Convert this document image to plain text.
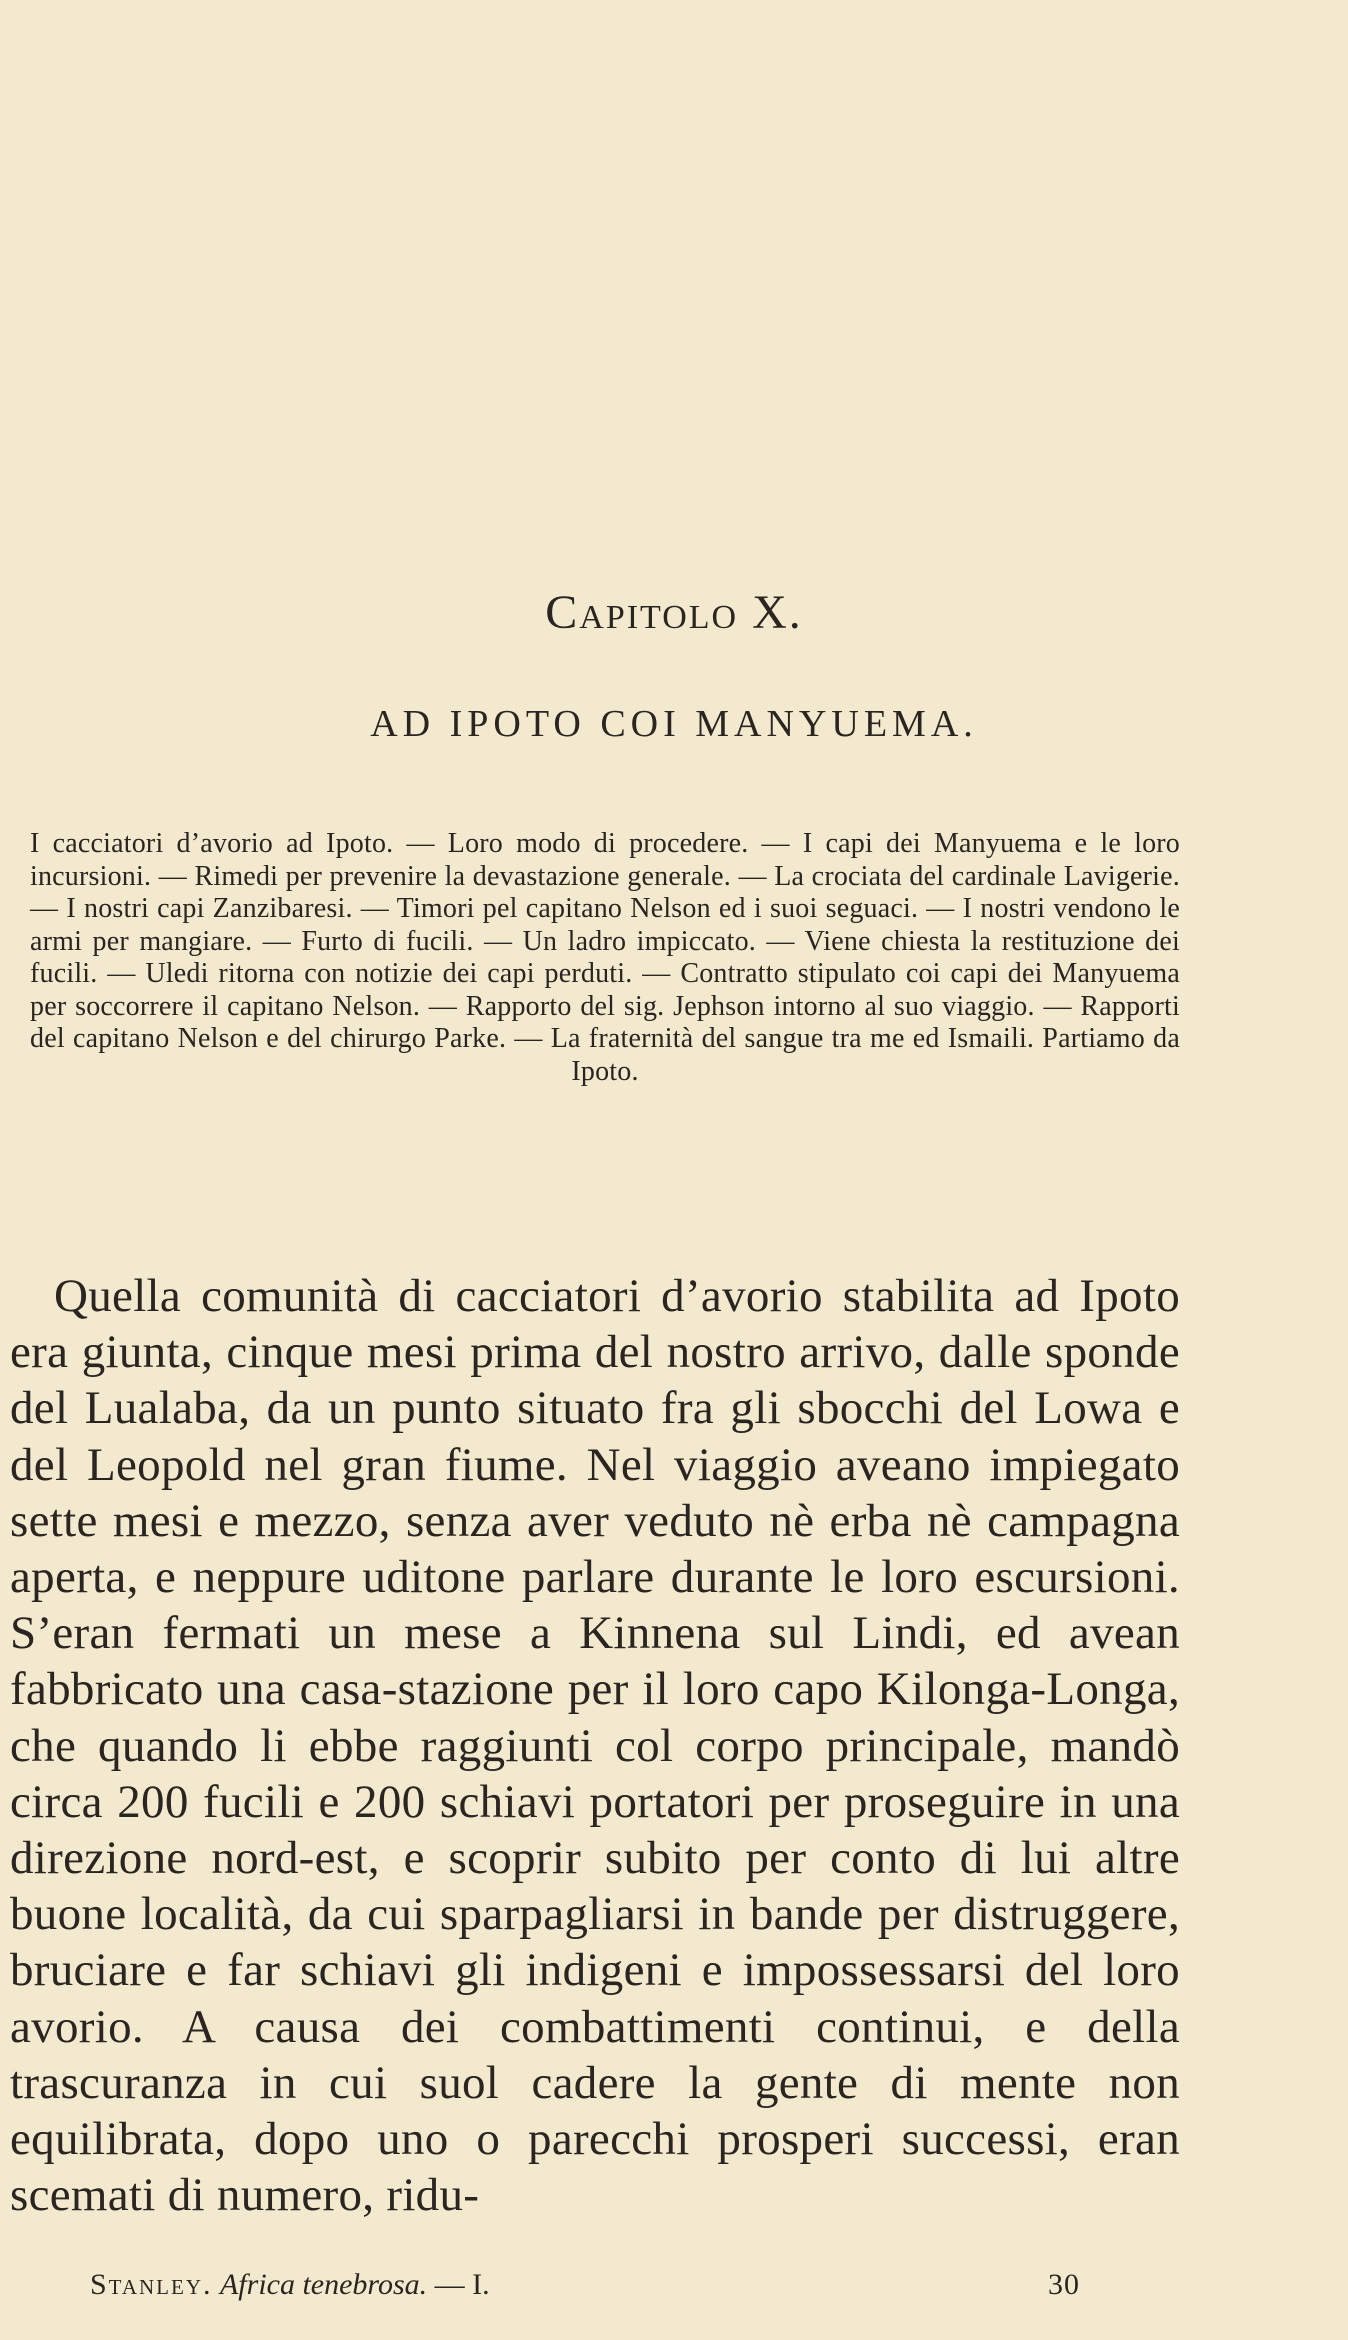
Capitolo X.
AD IPOTO COI MANYUEMA.

I cacciatori d’avorio ad Ipoto. — Loro modo di procedere. — I capi dei Manyuema e le loro incursioni. — Rimedi per prevenire la devastazione generale. — La crociata del cardinale Lavigerie. — I nostri capi Zanzibaresi. — Timori pel capitano Nelson ed i suoi seguaci. — I nostri vendono le armi per mangiare. — Furto di fucili. — Un ladro impiccato. — Viene chiesta la restituzione dei fucili. — Uledi ritorna con notizie dei capi perduti. — Contratto stipulato coi capi dei Manyuema per soccorrere il capitano Nelson. — Rapporto del sig. Jephson intorno al suo viaggio. — Rapporti del capitano Nelson e del chirurgo Parke. — La fraternità del sangue tra me ed Ismaili. Partiamo da Ipoto.

Quella comunità di cacciatori d’avorio stabilita ad Ipoto era giunta, cinque mesi prima del nostro arrivo, dalle sponde del Lualaba, da un punto situato fra gli sbocchi del Lowa e del Leopold nel gran fiume. Nel viaggio aveano impiegato sette mesi e mezzo, senza aver veduto nè erba nè campagna aperta, e neppure uditone parlare durante le loro escursioni. S’eran fermati un mese a Kinnena sul Lindi, ed avean fabbricato una casa-stazione per il loro capo Kilonga-Longa, che quando li ebbe raggiunti col corpo principale, mandò circa 200 fucili e 200 schiavi portatori per proseguire in una direzione nord-est, e scoprir subito per conto di lui altre buone località, da cui sparpagliarsi in bande per distruggere, bruciare e far schiavi gli indigeni e impossessarsi del loro avorio. A causa dei combattimenti continui, e della trascuranza in cui suol cadere la gente di mente non equilibrata, dopo uno o parecchi prosperi successi, eran scemati di numero, ridu-

Stanley. Africa tenebrosa. — I.	30
